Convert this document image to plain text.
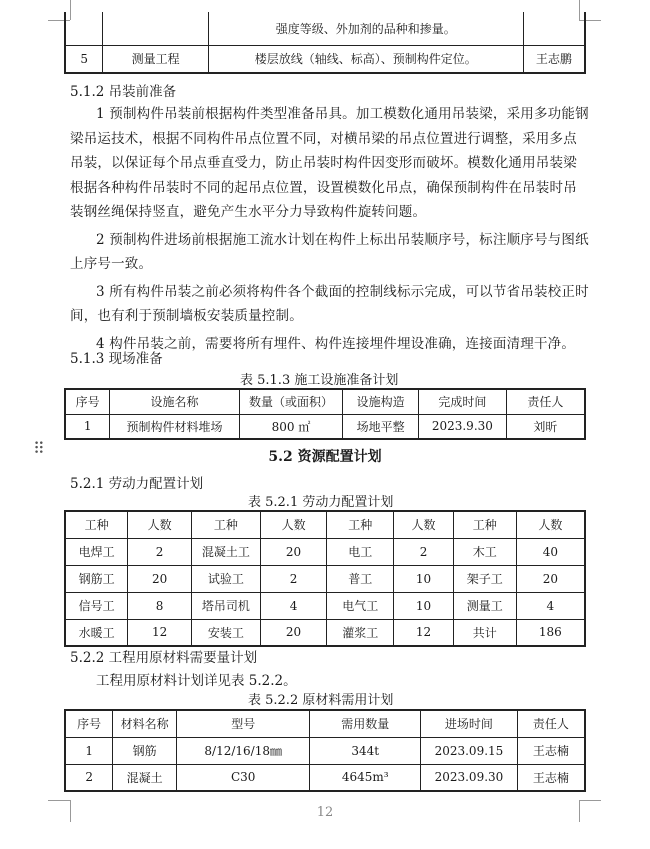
		强度等级、外加剂的品种和掺量。	
5	测量工程	楼层放线（轴线、标高）、预制构件定位。	王志鹏
5.1.2 吊装前准备

1 预制构件吊装前根据构件类型准备吊具。加工模数化通用吊装梁，采用多功能钢梁吊运技术，根据不同构件吊点位置不同，对横吊梁的吊点位置进行调整，采用多点吊装，以保证每个吊点垂直受力，防止吊装时构件因变形而破坏。模数化通用吊装梁根据各种构件吊装时不同的起吊点位置，设置模数化吊点，确保预制构件在吊装时吊装钢丝绳保持竖直，避免产生水平分力导致构件旋转问题。

2 预制构件进场前根据施工流水计划在构件上标出吊装顺序号，标注顺序号与图纸上序号一致。

3 所有构件吊装之前必须将构件各个截面的控制线标示完成，可以节省吊装校正时间，也有利于预制墙板安装质量控制。

4 构件吊装之前，需要将所有埋件、构件连接埋件埋设准确，连接面清理干净。

5.1.3 现场准备
表 5.1.3 施工设施准备计划
序号	设施名称	数量（或面积）	设施构造	完成时间	责任人
1	预制构件材料堆场	800 ㎡	场地平整	2023.9.30	刘昕
⠿	5.2 资源配置计划
5.2.1 劳动力配置计划
表 5.2.1 劳动力配置计划
工种	人数	工种	人数	工种	人数	工种	人数
电焊工	2	混凝土工	20	电工	2	木工	40
钢筋工	20	试验工	2	普工	10	架子工	20
信号工	8	塔吊司机	4	电气工	10	测量工	4
水暖工	12	安装工	20	灌浆工	12	共计	186
5.2.2 工程用原材料需要量计划
工程用原材料计划详见表 5.2.2。
表 5.2.2 原材料需用计划
序号	材料名称	型号	需用数量	进场时间	责任人
1	钢筋	8/12/16/18㎜	344t	2023.09.15	王志楠
2	混凝土	C30	4645m³	2023.09.30	王志楠
12
